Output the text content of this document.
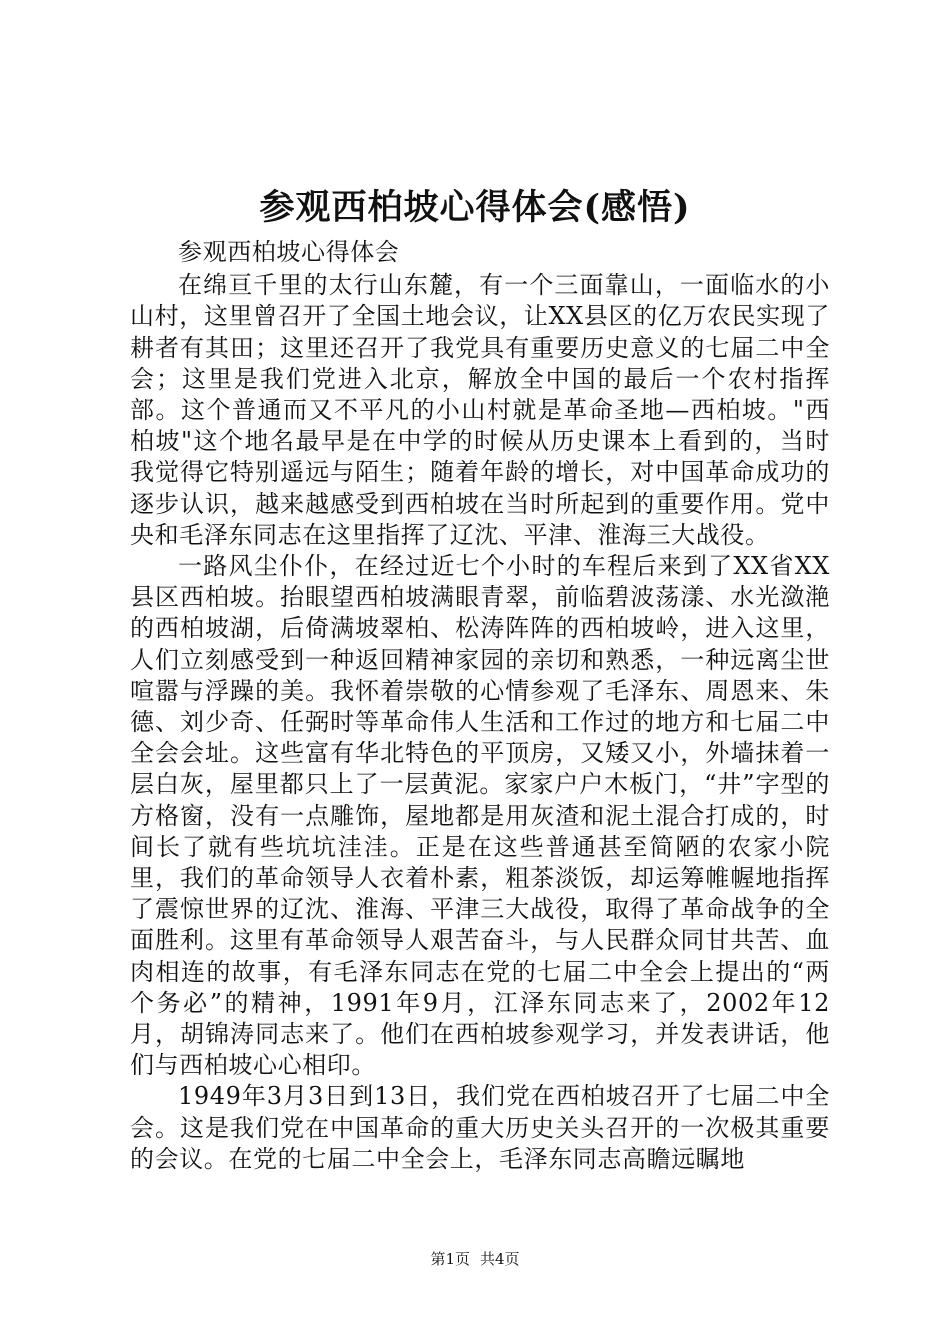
参观西柏坡心得体会(感悟)

参观西柏坡心得体会

在绵亘千里的太行山东麓，有一个三面靠山，一面临水的小山村，这里曾召开了全国土地会议，让XX县区的亿万农民实现了耕者有其田；这里还召开了我党具有重要历史意义的七届二中全会；这里是我们党进入北京，解放全中国的最后一个农村指挥部。这个普通而又不平凡的小山村就是革命圣地—西柏坡。"西柏坡"这个地名最早是在中学的时候从历史课本上看到的，当时我觉得它特别遥远与陌生；随着年龄的增长，对中国革命成功的逐步认识，越来越感受到西柏坡在当时所起到的重要作用。党中央和毛泽东同志在这里指挥了辽沈、平津、淮海三大战役。

一路风尘仆仆，在经过近七个小时的车程后来到了XX省XX县区西柏坡。抬眼望西柏坡满眼青翠，前临碧波荡漾、水光潋滟的西柏坡湖，后倚满坡翠柏、松涛阵阵的西柏坡岭，进入这里，人们立刻感受到一种返回精神家园的亲切和熟悉，一种远离尘世喧嚣与浮躁的美。我怀着崇敬的心情参观了毛泽东、周恩来、朱德、刘少奇、任弼时等革命伟人生活和工作过的地方和七届二中全会会址。这些富有华北特色的平顶房，又矮又小，外墙抹着一层白灰，屋里都只上了一层黄泥。家家户户木板门，“井”字型的方格窗，没有一点雕饰，屋地都是用灰渣和泥土混合打成的，时间长了就有些坑坑洼洼。正是在这些普通甚至简陋的农家小院里，我们的革命领导人衣着朴素，粗茶淡饭，却运筹帷幄地指挥了震惊世界的辽沈、淮海、平津三大战役，取得了革命战争的全面胜利。这里有革命领导人艰苦奋斗，与人民群众同甘共苦、血肉相连的故事，有毛泽东同志在党的七届二中全会上提出的“两个务必”的精神，1991年9月，江泽东同志来了，2002年12月，胡锦涛同志来了。他们在西柏坡参观学习，并发表讲话，他们与西柏坡心心相印。

1949年3月3日到13日，我们党在西柏坡召开了七届二中全会。这是我们党在中国革命的重大历史关头召开的一次极其重要的会议。在党的七届二中全会上，毛泽东同志高瞻远瞩地

第1页 共4页
